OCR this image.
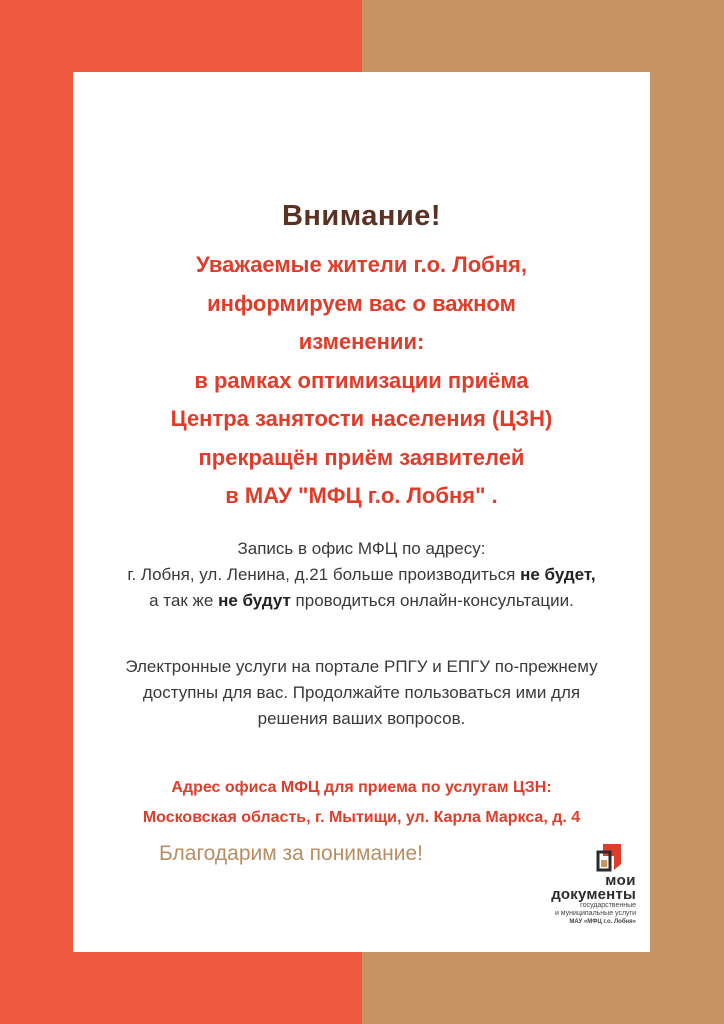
Внимание!
Уважаемые жители г.о. Лобня,
информируем вас о важном
изменении:
в рамках оптимизации приёма
Центра занятости населения (ЦЗН)
прекращён приём заявителей
в МАУ "МФЦ г.о. Лобня" .
Запись в офис МФЦ по адресу:
г. Лобня, ул. Ленина, д.21 больше производиться не будет,
а так же не будут проводиться онлайн-консультации.
Электронные услуги на портале РПГУ и ЕПГУ по-прежнему
доступны для вас. Продолжайте пользоваться ими для
решения ваших вопросов.
Адрес офиса МФЦ для приема по услугам ЦЗН:
Московская область, г. Мытищи, ул. Карла Маркса, д. 4
Благодарим за понимание!
мои
документы
государственные
и муниципальные услуги
МАУ «МФЦ г.о. Лобня»
